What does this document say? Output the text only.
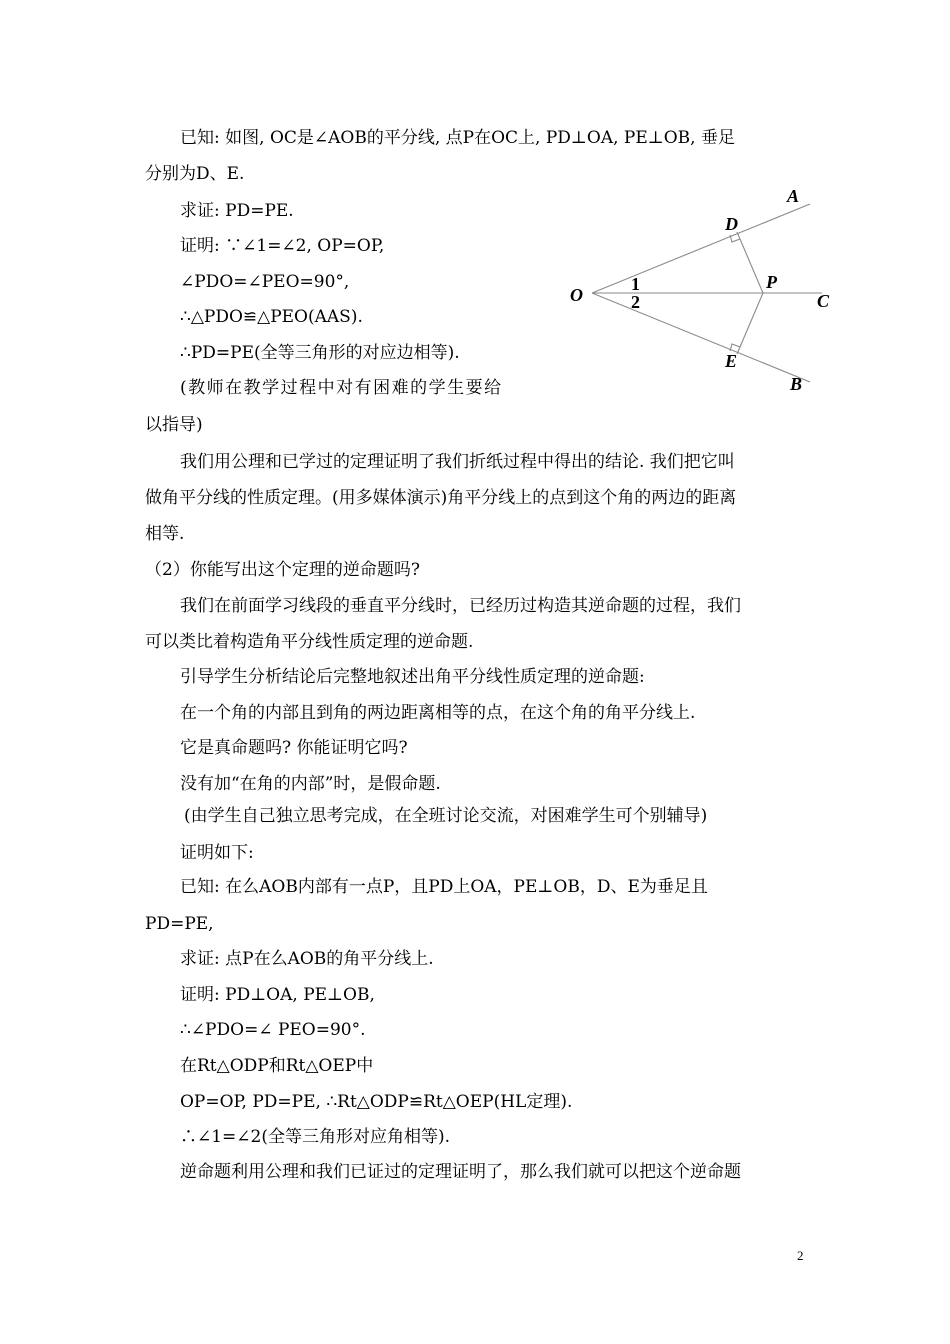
已知: 如图, OC是∠AOB的平分线, 点P在OC上, PD⊥OA, PE⊥OB, 垂足
分别为D、E.
求证: PD=PE.
证明: ∵∠1=∠2, OP=OP,
∠PDO=∠PEO=90°,
∴△PDO≌△PEO(AAS).
∴PD=PE(全等三角形的对应边相等).
(教师在教学过程中对有困难的学生要给
以指导)
我们用公理和已学过的定理证明了我们折纸过程中得出的结论. 我们把它叫
做角平分线的性质定理。(用多媒体演示)角平分线上的点到这个角的两边的距离
相等.
（2）你能写出这个定理的逆命题吗?
我们在前面学习线段的垂直平分线时，已经历过构造其逆命题的过程，我们
可以类比着构造角平分线性质定理的逆命题.
引导学生分析结论后完整地叙述出角平分线性质定理的逆命题:
在一个角的内部且到角的两边距离相等的点，在这个角的角平分线上.
它是真命题吗? 你能证明它吗?
没有加“在角的内部”时，是假命题.
(由学生自己独立思考完成，在全班讨论交流，对困难学生可个别辅导)
证明如下:
已知: 在么AOB内部有一点P，且PD上OA，PE⊥OB，D、E为垂足且
PD=PE,
求证: 点P在么AOB的角平分线上.
证明: PD⊥OA, PE⊥OB,
∴∠PDO=∠ PEO=90°.
在Rt△ODP和Rt△OEP中
OP=OP, PD=PE, ∴Rt△ODP≌Rt△OEP(HL定理).
∴∠1=∠2(全等三角形对应角相等).
逆命题利用公理和我们已证过的定理证明了，那么我们就可以把这个逆命题
A
D
O
P
C
E
B
1
2
2
